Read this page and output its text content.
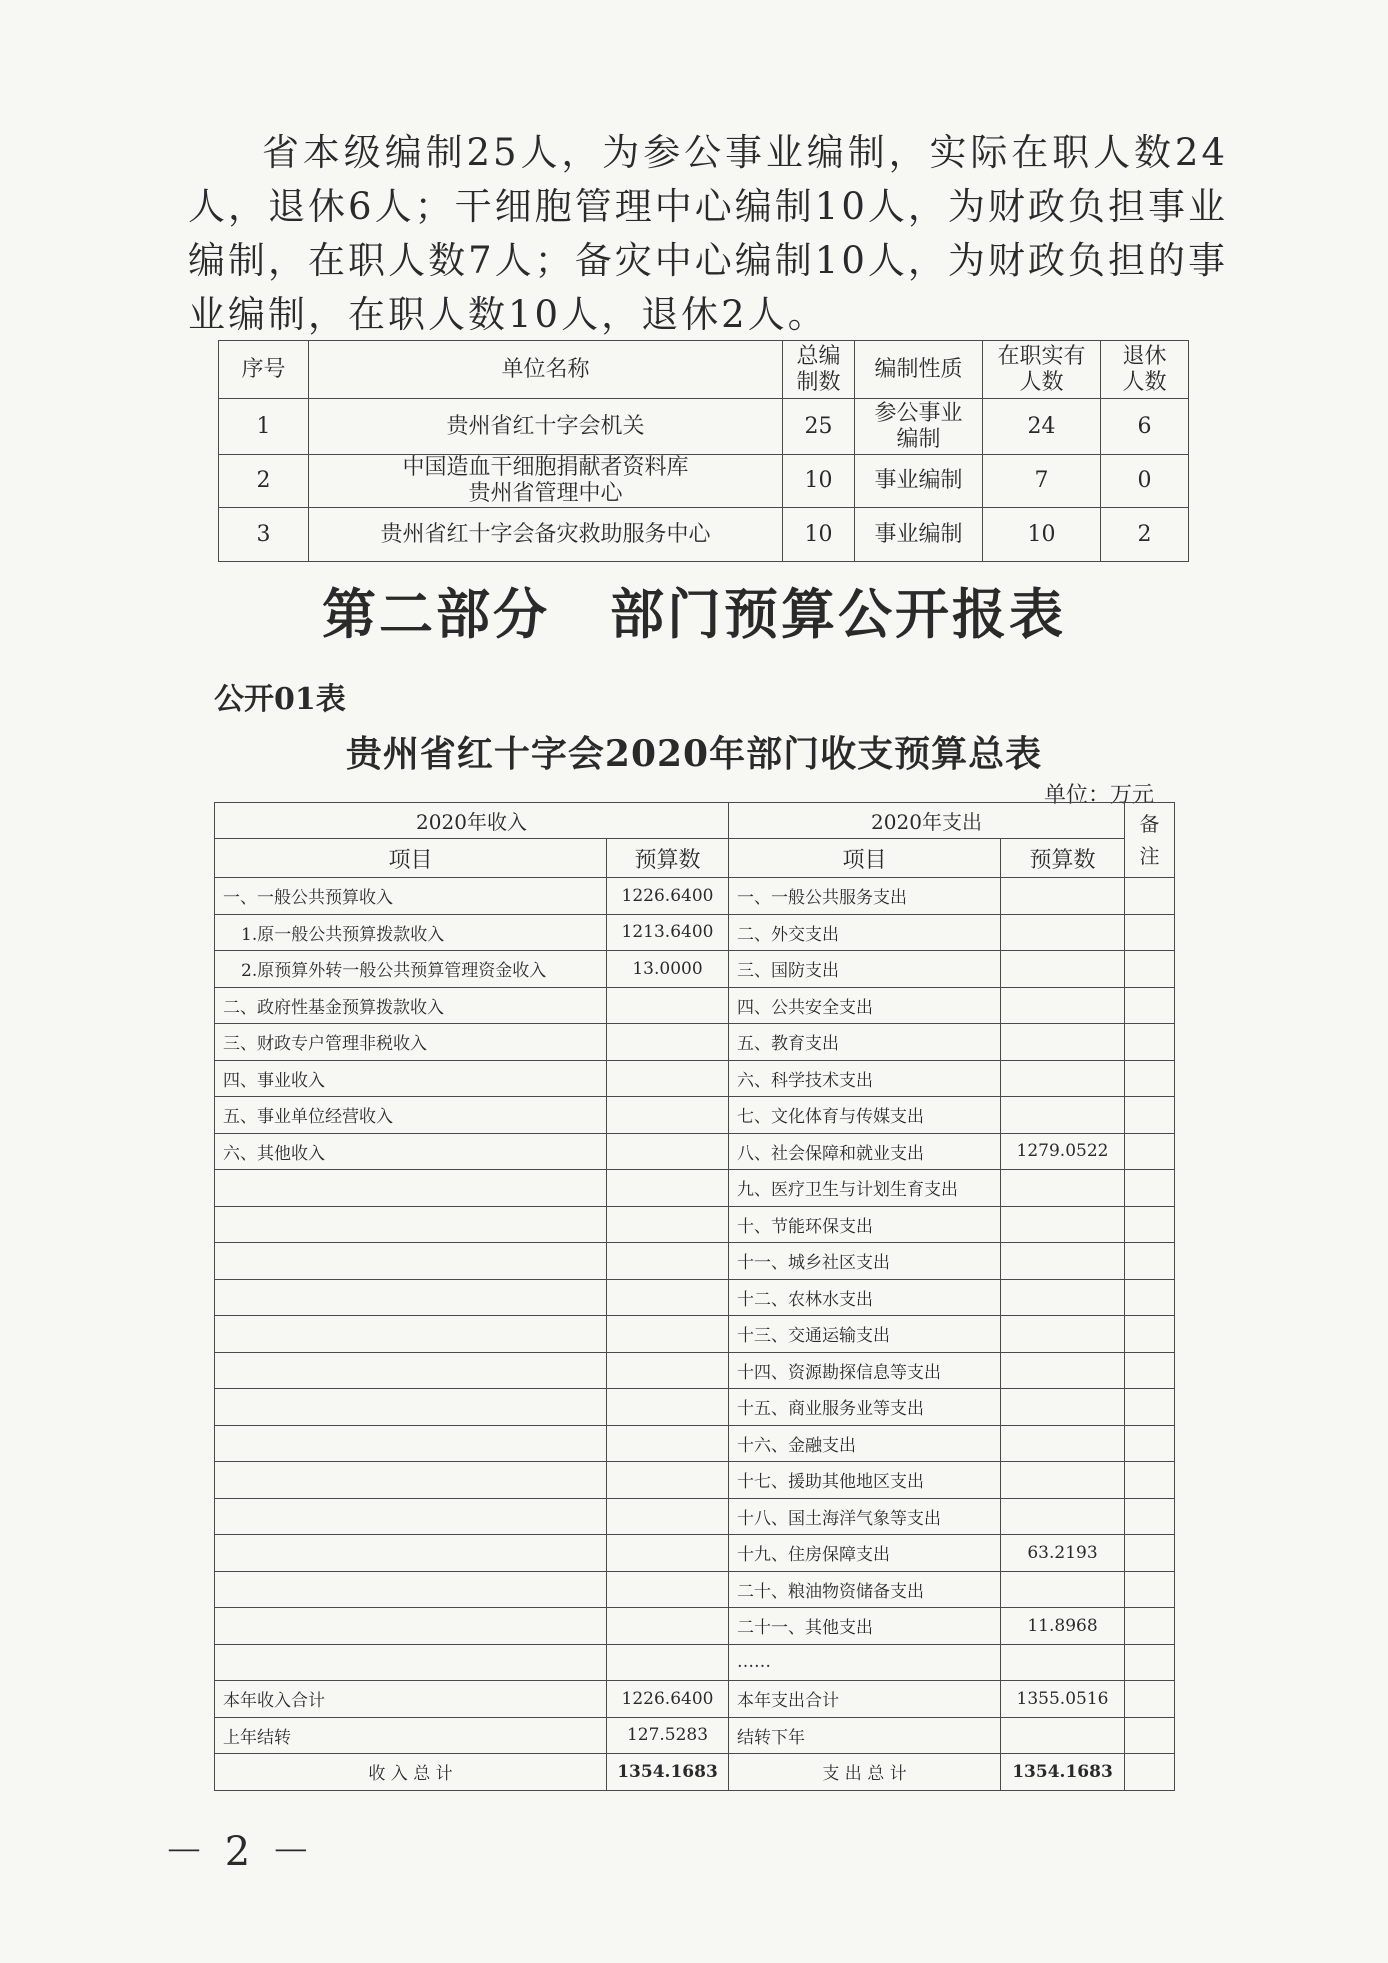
省本级编制25人，为参公事业编制，实际在职人数24人，退休6人；干细胞管理中心编制10人，为财政负担事业编制，在职人数7人；备灾中心编制10人，为财政负担的事业编制，在职人数10人，退休2人。

序号	单位名称	总编制数	编制性质	在职实有人数	退休人数
1	贵州省红十字会机关	25	参公事业编制	24	6
2	中国造血干细胞捐献者资料库
贵州省管理中心	10	事业编制	7	0
3	贵州省红十字会备灾救助服务中心	10	事业编制	10	2
第二部分 部门预算公开报表
公开01表
贵州省红十字会2020年部门收支预算总表
单位：万元
2020年收入		2020年支出		备注

项目	预算数	项目	预算数	
一、一般公共预算收入	1226.6400	一、一般公共服务支出		
1.原一般公共预算拨款收入	1213.6400	二、外交支出		
2.原预算外转一般公共预算管理资金收入	13.0000	三、国防支出		
二、政府性基金预算拨款收入		四、公共安全支出		
三、财政专户管理非税收入		五、教育支出		
四、事业收入		六、科学技术支出		
五、事业单位经营收入		七、文化体育与传媒支出		
六、其他收入		八、社会保障和就业支出	1279.0522	
		九、医疗卫生与计划生育支出		
		十、节能环保支出		
		十一、城乡社区支出		
		十二、农林水支出		
		十三、交通运输支出		
		十四、资源勘探信息等支出		
		十五、商业服务业等支出		
		十六、金融支出		
		十七、援助其他地区支出		
		十八、国土海洋气象等支出		
		十九、住房保障支出	63.2193	
		二十、粮油物资储备支出		
		二十一、其他支出	11.8968	
		……		
本年收入合计	1226.6400	本年支出合计	1355.0516	
上年结转	127.5283	结转下年		
收 入 总 计	1354.1683	支 出 总 计	1354.1683	
－ 2 －
